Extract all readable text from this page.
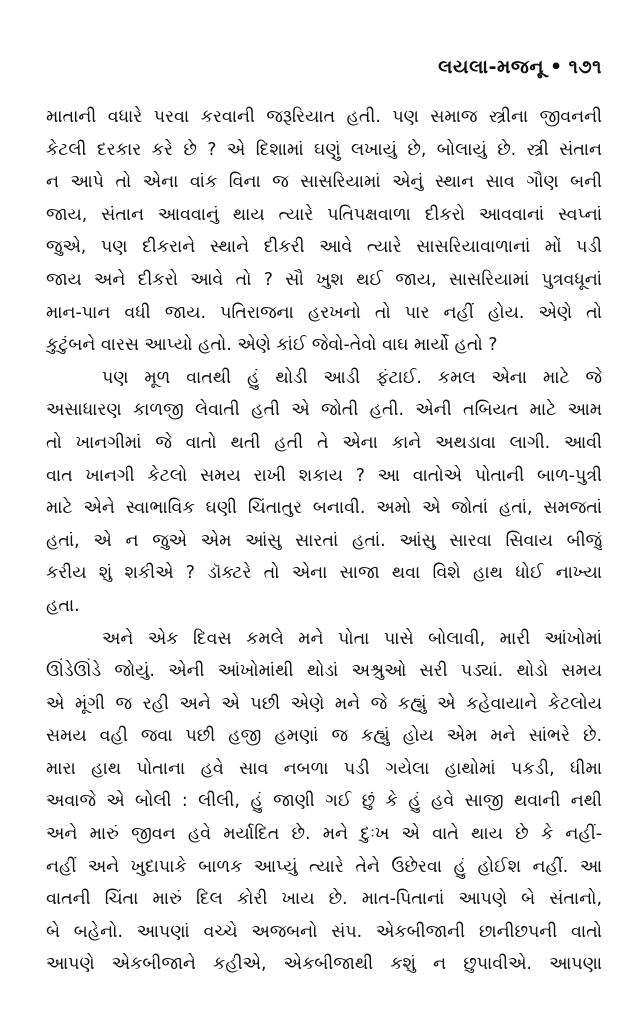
લયલા-મજનૂ • ૧૭૧
માતાની વધારે પરવા કરવાની જરૂરિયાત હતી. પણ સમાજ સ્ત્રીના જીવનની
કેટલી દરકાર કરે છે ? એ દિશામાં ઘણું લખાયું છે, બોલાયું છે. સ્ત્રી સંતાન
ન આપે તો એના વાંક વિના જ સાસરિયામાં એનું સ્થાન સાવ ગૌણ બની
જાય, સંતાન આવવાનું થાય ત્યારે પતિપક્ષવાળા દીકરો આવવાનાં સ્વપ્નાં
જુએ, પણ દીકરાને સ્થાને દીકરી આવે ત્યારે સાસરિયાવાળાનાં મોં પડી
જાય અને દીકરો આવે તો ? સૌ ખુશ થઈ જાય, સાસરિયામાં પુત્રવધૂનાં
માન-પાન વધી જાય. પતિરાજના હરખનો તો પાર નહીં હોય. એણે તો
કુટુંબને વારસ આપ્યો હતો. એણે કાંઈ જેવો-તેવો વાઘ માર્યો હતો ?
પણ મૂળ વાતથી હું થોડી આડી ફંટાઈ. કમલ એના માટે જે
અસાધારણ કાળજી લેવાતી હતી એ જોતી હતી. એની તબિયત માટે આમ
તો ખાનગીમાં જે વાતો થતી હતી તે એના કાને અથડાવા લાગી. આવી
વાત ખાનગી કેટલો સમય રાખી શકાય ? આ વાતોએ પોતાની બાળ-પુત્રી
માટે એને સ્વાભાવિક ઘણી ચિંતાતુર બનાવી. અમો એ જોતાં હતાં, સમજતાં
હતાં, એ ન જુએ એમ આંસુ સારતાં હતાં. આંસુ સારવા સિવાય બીજું
કરીય શું શકીએ ? ડૉક્ટરે તો એના સાજા થવા વિશે હાથ ધોઈ નાખ્યા
હતા.
અને એક દિવસ કમલે મને પોતા પાસે બોલાવી, મારી આંખોમાં
ઊંડેઊંડે જોયું. એની આંખોમાંથી થોડાં અશ્રુઓ સરી પડ્યાં. થોડો સમય
એ મૂંગી જ રહી અને એ પછી એણે મને જે કહ્યું એ કહેવાયાને કેટલોય
સમય વહી જવા પછી હજી હમણાં જ કહ્યું હોય એમ મને સાંભરે છે.
મારા હાથ પોતાના હવે સાવ નબળા પડી ગયેલા હાથોમાં પકડી, ધીમા
અવાજે એ બોલી : લીલી, હું જાણી ગઈ છું કે હું હવે સાજી થવાની નથી
અને મારું જીવન હવે મર્યાદિત છે. મને દુઃખ એ વાતે થાય છે કે નહીં-
નહીં અને ખુદાપાકે બાળક આપ્યું ત્યારે તેને ઉછેરવા હું હોઈશ નહીં. આ
વાતની ચિંતા મારું દિલ કોરી ખાય છે. માત-પિતાનાં આપણે બે સંતાનો,
બે બહેનો. આપણાં વચ્ચે અજબનો સંપ. એકબીજાની છાનીછપની વાતો
આપણે એકબીજાને કહીએ, એકબીજાથી કશું ન છુપાવીએ. આપણા
